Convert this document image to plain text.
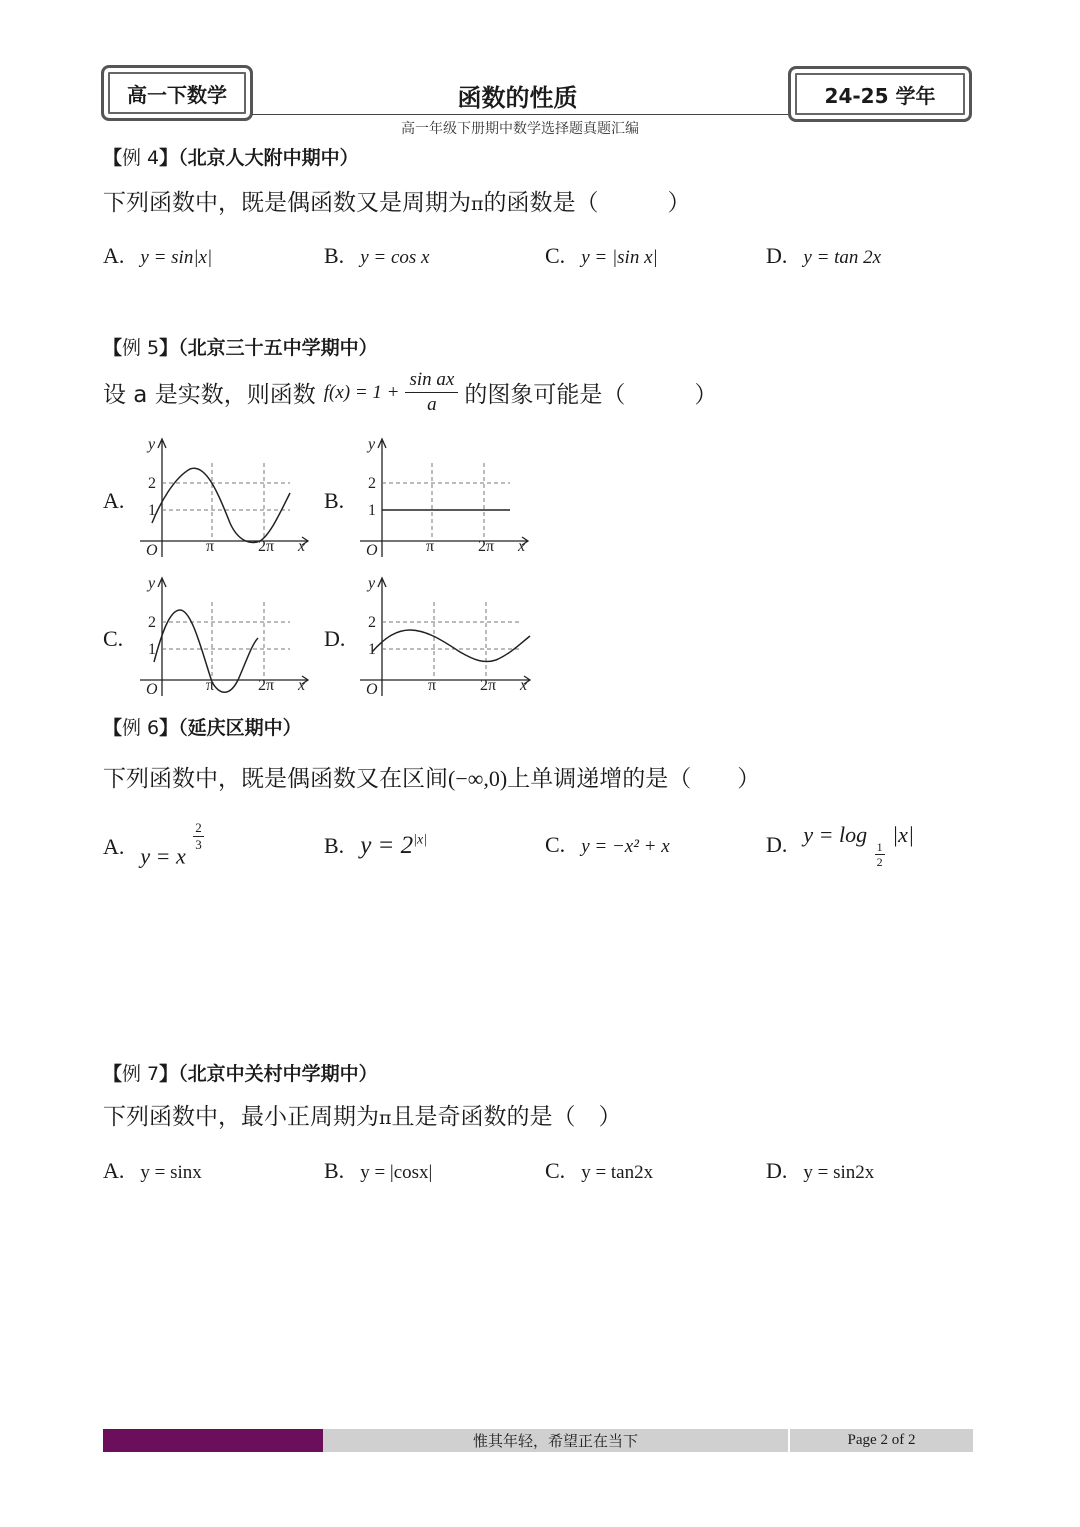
高一下数学	函数的性质
高一年级下册期中数学选择题真题汇编
24-25 学年
【例 4】（北京人大附中期中）
下列函数中，既是偶函数又是周期为π的函数是（　　　）
A. y = sin|x|	B. y = cos x	C. y = |sin x|	D. y = tan 2x
【例 5】（北京三十五中学期中）
设 a 是实数，则函数 $f(x) = 1 + \frac{\text{sin ax}}{a}$ 的图象可能是（　　　）
A.	B.
C.	D.
y
2
1
O	π	2π x
y
2
1
O	π	2π x
y
2
1
O	π	2π x
y
2
1
O	π	2π x
【例 6】（延庆区期中）
下列函数中，既是偶函数又在区间(−∞,0)上单调递增的是（　　）
A. y = x
$\frac{2}{3}$	B. $y = 2^{|x|}$	C. y = −x² + x	D. y = log
$\frac{1}{2}$
|x|
【例 7】（北京中关村中学期中）
下列函数中，最小正周期为π且是奇函数的是（　）
A. y = sinx	B. y = |cosx|	C. y = tan2x	D. y = sin2x
惟其年轻，希望正在当下	Page 2 of 2
